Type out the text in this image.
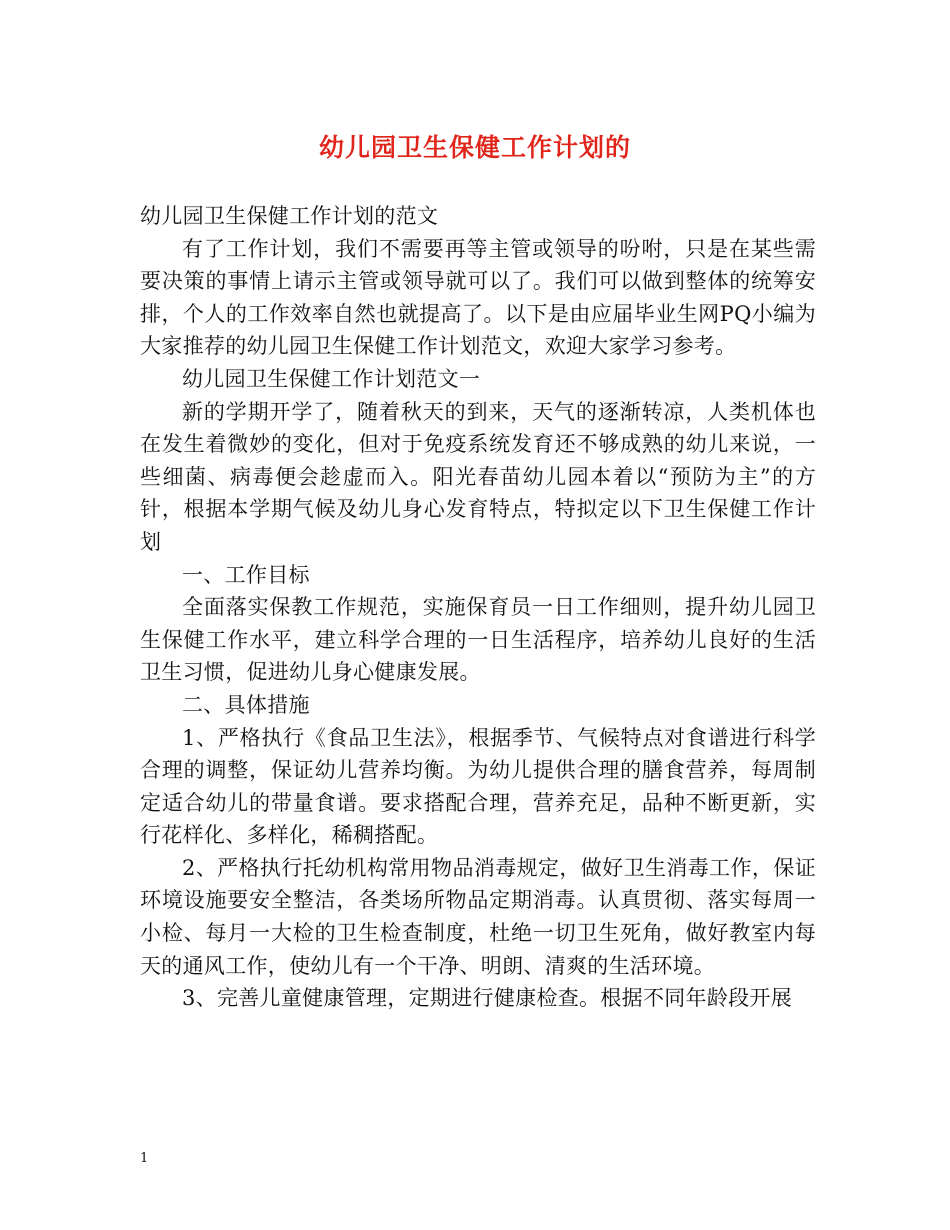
幼儿园卫生保健工作计划的

幼儿园卫生保健工作计划的范文

有了工作计划，我们不需要再等主管或领导的吩咐，只是在某些需要决策的事情上请示主管或领导就可以了。我们可以做到整体的统筹安排，个人的工作效率自然也就提高了。以下是由应届毕业生网PQ小编为大家推荐的幼儿园卫生保健工作计划范文，欢迎大家学习参考。

幼儿园卫生保健工作计划范文一

新的学期开学了，随着秋天的到来，天气的逐渐转凉，人类机体也在发生着微妙的变化，但对于免疫系统发育还不够成熟的幼儿来说，一些细菌、病毒便会趁虚而入。阳光春苗幼儿园本着以“预防为主”的方针，根据本学期气候及幼儿身心发育特点，特拟定以下卫生保健工作计划

一、工作目标

全面落实保教工作规范，实施保育员一日工作细则，提升幼儿园卫生保健工作水平，建立科学合理的一日生活程序，培养幼儿良好的生活卫生习惯，促进幼儿身心健康发展。

二、具体措施

1、严格执行《食品卫生法》，根据季节、气候特点对食谱进行科学合理的调整，保证幼儿营养均衡。为幼儿提供合理的膳食营养，每周制定适合幼儿的带量食谱。要求搭配合理，营养充足，品种不断更新，实行花样化、多样化，稀稠搭配。

2、严格执行托幼机构常用物品消毒规定，做好卫生消毒工作，保证环境设施要安全整洁，各类场所物品定期消毒。认真贯彻、落实每周一小检、每月一大检的卫生检查制度，杜绝一切卫生死角，做好教室内每天的通风工作，使幼儿有一个干净、明朗、清爽的生活环境。

3、完善儿童健康管理，定期进行健康检查。根据不同年龄段开展

1
